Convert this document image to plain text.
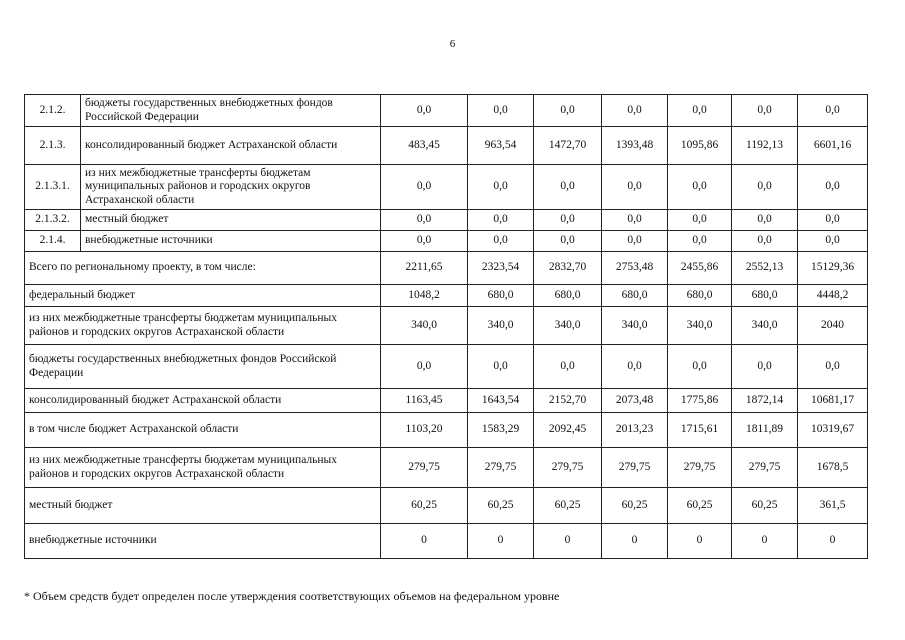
6
2.1.2.	бюджеты государственных внебюджетных фондов Российской Федерации	0,0	0,0	0,0	0,0	0,0	0,0	0,0
2.1.3.	консолидированный бюджет Астраханской области	483,45	963,54	1472,70	1393,48	1095,86	1192,13	6601,16
2.1.3.1.	из них межбюджетные трансферты бюджетам муниципальных районов и городских округов Астраханской области	0,0	0,0	0,0	0,0	0,0	0,0	0,0
2.1.3.2.	местный бюджет	0,0	0,0	0,0	0,0	0,0	0,0	0,0
2.1.4.	внебюджетные источники	0,0	0,0	0,0	0,0	0,0	0,0	0,0
Всего по региональному проекту, в том числе:		2211,65	2323,54	2832,70	2753,48	2455,86	2552,13	15129,36
федеральный бюджет		1048,2	680,0	680,0	680,0	680,0	680,0	4448,2
из них межбюджетные трансферты бюджетам муниципальных районов и городских округов Астраханской области		340,0	340,0	340,0	340,0	340,0	340,0	2040
бюджеты государственных внебюджетных фондов Российской Федерации		0,0	0,0	0,0	0,0	0,0	0,0	0,0
консолидированный бюджет Астраханской области		1163,45	1643,54	2152,70	2073,48	1775,86	1872,14	10681,17
в том числе бюджет Астраханской области		1103,20	1583,29	2092,45	2013,23	1715,61	1811,89	10319,67
из них межбюджетные трансферты бюджетам муниципальных районов и городских округов Астраханской области		279,75	279,75	279,75	279,75	279,75	279,75	1678,5
местный бюджет		60,25	60,25	60,25	60,25	60,25	60,25	361,5
внебюджетные источники		0	0	0	0	0	0	0
* Объем средств будет определен после утверждения соответствующих объемов на федеральном уровне
